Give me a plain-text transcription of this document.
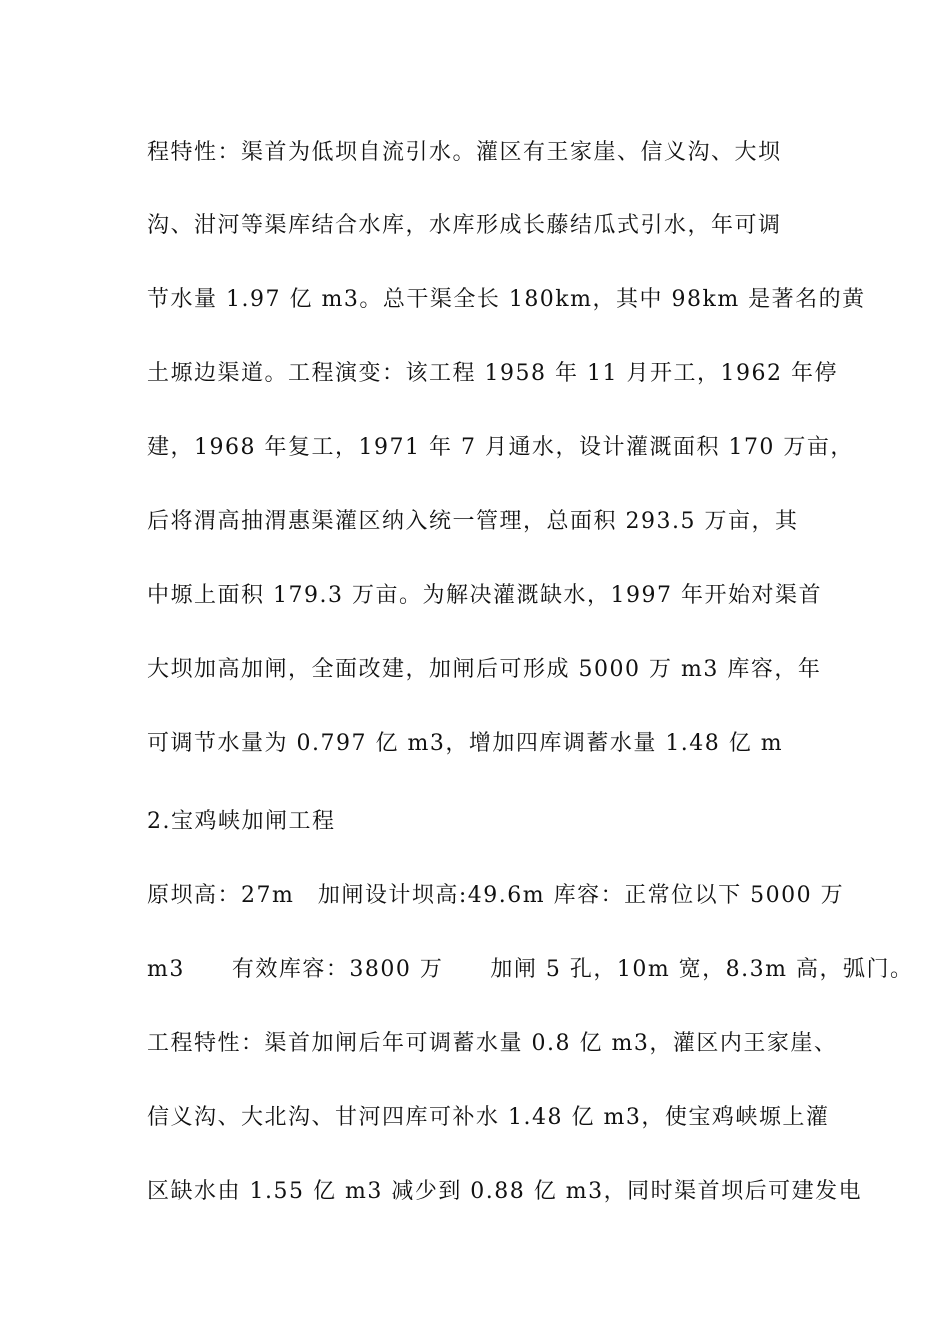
程特性：渠首为低坝自流引水。灌区有王家崖、信义沟、大坝
沟、泔河等渠库结合水库，水库形成长藤结瓜式引水，年可调
节水量 1.97 亿 m3。总干渠全长 180km，其中 98km 是著名的黄
土塬边渠道。工程演变：该工程 1958 年 11 月开工，1962 年停
建，1968 年复工，1971 年 7 月通水，设计灌溉面积 170 万亩，
后将渭高抽渭惠渠灌区纳入统一管理，总面积 293.5 万亩，其
中塬上面积 179.3 万亩。为解决灌溉缺水，1997 年开始对渠首
大坝加高加闸，全面改建，加闸后可形成 5000 万 m3 库容，年
可调节水量为 0.797 亿 m3，增加四库调蓄水量 1.48 亿 m
2.宝鸡峡加闸工程
原坝高：27m　加闸设计坝高:49.6m 库容：正常位以下 5000 万
m3　　有效库容：3800 万　　加闸 5 孔，10m 宽，8.3m 高，弧门。
工程特性：渠首加闸后年可调蓄水量 0.8 亿 m3，灌区内王家崖、
信义沟、大北沟、甘河四库可补水 1.48 亿 m3，使宝鸡峡塬上灌
区缺水由 1.55 亿 m3 减少到 0.88 亿 m3，同时渠首坝后可建发电
